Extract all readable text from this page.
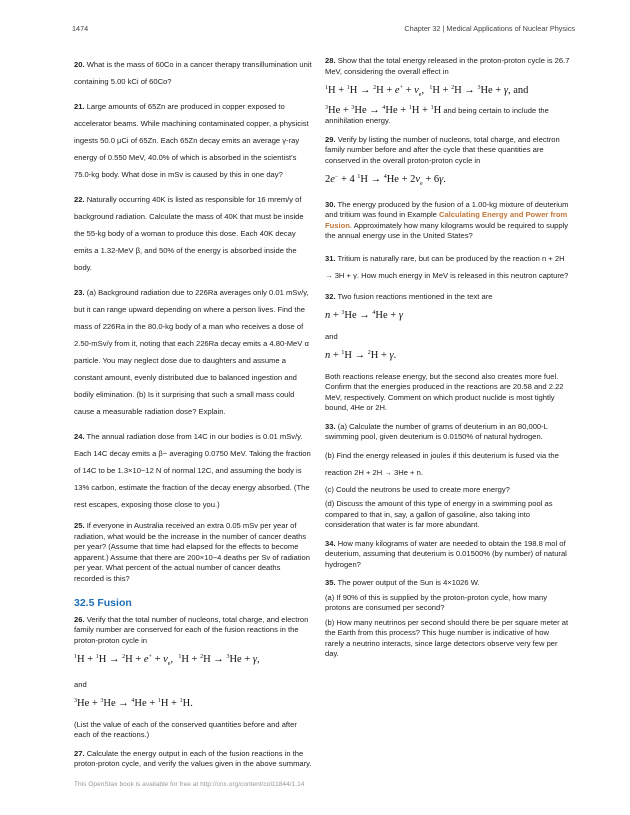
1474	Chapter 32 | Medical Applications of Nuclear Physics

20. What is the mass of 60Co in a cancer therapy transillumination unit containing 5.00 kCi of 60Co?

21. Large amounts of 65Zn are produced in copper exposed to accelerator beams. While machining contaminated copper, a physicist ingests 50.0 μCi of 65Zn. Each 65Zn decay emits an average γ-ray energy of 0.550 MeV, 40.0% of which is absorbed in the scientist's 75.0-kg body. What dose in mSv is caused by this in one day?

22. Naturally occurring 40K is listed as responsible for 16 mrem/y of background radiation. Calculate the mass of 40K that must be inside the 55-kg body of a woman to produce this dose. Each 40K decay emits a 1.32-MeV β, and 50% of the energy is absorbed inside the body.

23. (a) Background radiation due to 226Ra averages only 0.01 mSv/y, but it can range upward depending on where a person lives. Find the mass of 226Ra in the 80.0-kg body of a man who receives a dose of 2.50-mSv/y from it, noting that each 226Ra decay emits a 4.80-MeV α particle. You may neglect dose due to daughters and assume a constant amount, evenly distributed due to balanced ingestion and bodily elimination. (b) Is it surprising that such a small mass could cause a measurable radiation dose? Explain.

24. The annual radiation dose from 14C in our bodies is 0.01 mSv/y. Each 14C decay emits a β− averaging 0.0750 MeV. Taking the fraction of 14C to be 1.3×10−12 N of normal 12C, and assuming the body is 13% carbon, estimate the fraction of the decay energy absorbed. (The rest escapes, exposing those close to you.)

25. If everyone in Australia received an extra 0.05 mSv per year of radiation, what would be the increase in the number of cancer deaths per year? (Assume that time had elapsed for the effects to become apparent.) Assume that there are 200×10−4 deaths per Sv of radiation per year. What percent of the actual number of cancer deaths recorded is this?

32.5 Fusion

26. Verify that the total number of nucleons, total charge, and electron family number are conserved for each of the fusion reactions in the proton-proton cycle in

$^1H + ^1H \to ^2H + e^+ + v_e$,  $^1$H + $^2$H → $^3$He + γ,

and

$^3$He + $^3$He → $^4$He + $^1$H + $^1$H.

(List the value of each of the conserved quantities before and after each of the reactions.)

27. Calculate the energy output in each of the fusion reactions in the proton-proton cycle, and verify the values given in the above summary.

28. Show that the total energy released in the proton-proton cycle is 26.7 MeV, considering the overall effect in

$^1H + ^1H \to ^2H + e^+ + v_e$,  $^1$H + $^2$H → $^3$He + γ, and

$^3$He + $^3$He → $^4$He + $^1$H + $^1$H and being certain to include the annihilation energy.

29. Verify by listing the number of nucleons, total charge, and electron family number before and after the cycle that these quantities are conserved in the overall proton-proton cycle in

2e− + 4 $^1H \to ^4He + 2v_e + 6\gamma$.

30. The energy produced by the fusion of a 1.00-kg mixture of deuterium and tritium was found in Example Calculating Energy and Power from Fusion. Approximately how many kilograms would be required to supply the annual energy use in the United States?

31. Tritium is naturally rare, but can be produced by the reaction n + 2H → 3H + γ. How much energy in MeV is released in this neutron capture?

32. Two fusion reactions mentioned in the text are

n + $^3$He → $^4$He + γ

and

n + $^1$H → $^2$H + γ.

Both reactions release energy, but the second also creates more fuel. Confirm that the energies produced in the reactions are 20.58 and 2.22 MeV, respectively. Comment on which product nuclide is most tightly bound, 4He or 2H.

33. (a) Calculate the number of grams of deuterium in an 80,000-L swimming pool, given deuterium is 0.0150% of natural hydrogen.

(b) Find the energy released in joules if this deuterium is fused via the reaction 2H + 2H → 3He + n.

(c) Could the neutrons be used to create more energy?

(d) Discuss the amount of this type of energy in a swimming pool as compared to that in, say, a gallon of gasoline, also taking into consideration that water is far more abundant.

34. How many kilograms of water are needed to obtain the 198.8 mol of deuterium, assuming that deuterium is 0.01500% (by number) of natural hydrogen?

35. The power output of the Sun is 4×1026 W.

(a) If 90% of this is supplied by the proton-proton cycle, how many protons are consumed per second?

(b) How many neutrinos per second should there be per square meter at the Earth from this process? This huge number is indicative of how rarely a neutrino interacts, since large detectors observe very few per day.

This OpenStax book is available for free at http://cnx.org/content/col11844/1.14
